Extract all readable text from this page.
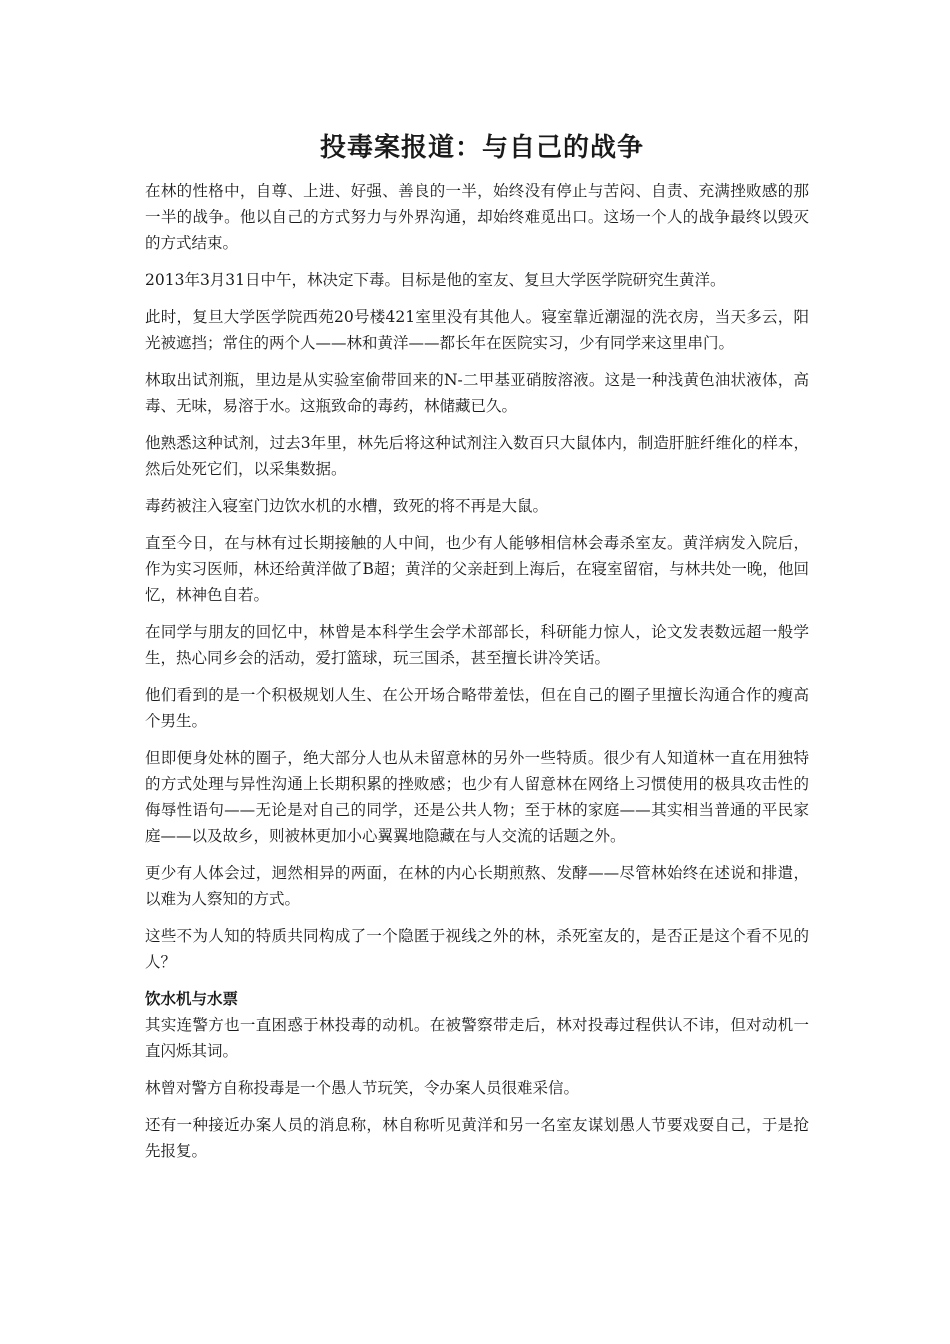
投毒案报道：与自己的战争

在林的性格中，自尊、上进、好强、善良的一半，始终没有停止与苦闷、自责、充满挫败感的那一半的战争。他以自己的方式努力与外界沟通，却始终难觅出口。这场一个人的战争最终以毁灭的方式结束。

2013年3月31日中午，林决定下毒。目标是他的室友、复旦大学医学院研究生黄洋。

此时，复旦大学医学院西苑20号楼421室里没有其他人。寝室靠近潮湿的洗衣房，当天多云，阳光被遮挡；常住的两个人——林和黄洋——都长年在医院实习，少有同学来这里串门。

林取出试剂瓶，里边是从实验室偷带回来的N-二甲基亚硝胺溶液。这是一种浅黄色油状液体，高毒、无味，易溶于水。这瓶致命的毒药，林储藏已久。

他熟悉这种试剂，过去3年里，林先后将这种试剂注入数百只大鼠体内，制造肝脏纤维化的样本，然后处死它们，以采集数据。

毒药被注入寝室门边饮水机的水槽，致死的将不再是大鼠。

直至今日，在与林有过长期接触的人中间，也少有人能够相信林会毒杀室友。黄洋病发入院后，作为实习医师，林还给黄洋做了B超；黄洋的父亲赶到上海后，在寝室留宿，与林共处一晚，他回忆，林神色自若。

在同学与朋友的回忆中，林曾是本科学生会学术部部长，科研能力惊人，论文发表数远超一般学生，热心同乡会的活动，爱打篮球，玩三国杀，甚至擅长讲冷笑话。

他们看到的是一个积极规划人生、在公开场合略带羞怯，但在自己的圈子里擅长沟通合作的瘦高个男生。

但即便身处林的圈子，绝大部分人也从未留意林的另外一些特质。很少有人知道林一直在用独特的方式处理与异性沟通上长期积累的挫败感；也少有人留意林在网络上习惯使用的极具攻击性的侮辱性语句——无论是对自己的同学，还是公共人物；至于林的家庭——其实相当普通的平民家庭——以及故乡，则被林更加小心翼翼地隐藏在与人交流的话题之外。

更少有人体会过，迥然相异的两面，在林的内心长期煎熬、发酵——尽管林始终在述说和排遣，以难为人察知的方式。

这些不为人知的特质共同构成了一个隐匿于视线之外的林，杀死室友的，是否正是这个看不见的人？

饮水机与水票

其实连警方也一直困惑于林投毒的动机。在被警察带走后，林对投毒过程供认不讳，但对动机一直闪烁其词。

林曾对警方自称投毒是一个愚人节玩笑，令办案人员很难采信。

还有一种接近办案人员的消息称，林自称听见黄洋和另一名室友谋划愚人节要戏耍自己，于是抢先报复。
